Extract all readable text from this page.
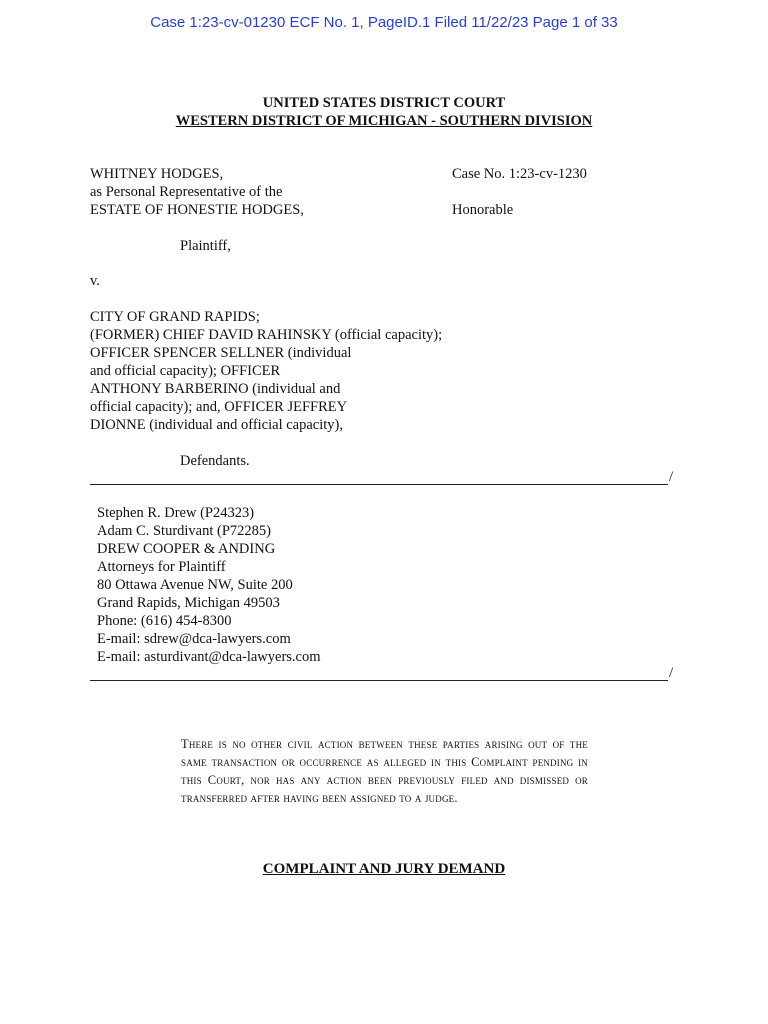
Case 1:23-cv-01230 ECF No. 1, PageID.1 Filed 11/22/23 Page 1 of 33
UNITED STATES DISTRICT COURT
WESTERN DISTRICT OF MICHIGAN - SOUTHERN DIVISION
WHITNEY HODGES,
as Personal Representative of the
ESTATE OF HONESTIE HODGES,
Case No. 1:23-cv-1230
Honorable
Plaintiff,
v.
CITY OF GRAND RAPIDS;
(FORMER) CHIEF DAVID RAHINSKY (official capacity);
OFFICER SPENCER SELLNER (individual
and official capacity); OFFICER
ANTHONY BARBERINO (individual and
official capacity); and, OFFICER JEFFREY
DIONNE (individual and official capacity),
Defendants.
/
Stephen R. Drew (P24323)
Adam C. Sturdivant (P72285)
DREW COOPER & ANDING
Attorneys for Plaintiff
80 Ottawa Avenue NW, Suite 200
Grand Rapids, Michigan 49503
Phone: (616) 454-8300
E-mail: sdrew@dca-lawyers.com
E-mail: asturdivant@dca-lawyers.com
/
There is no other civil action between these parties arising out of the same transaction or occurrence as alleged in this Complaint pending in this Court, nor has any action been previously filed and dismissed or transferred after having been assigned to a judge.
COMPLAINT AND JURY DEMAND
